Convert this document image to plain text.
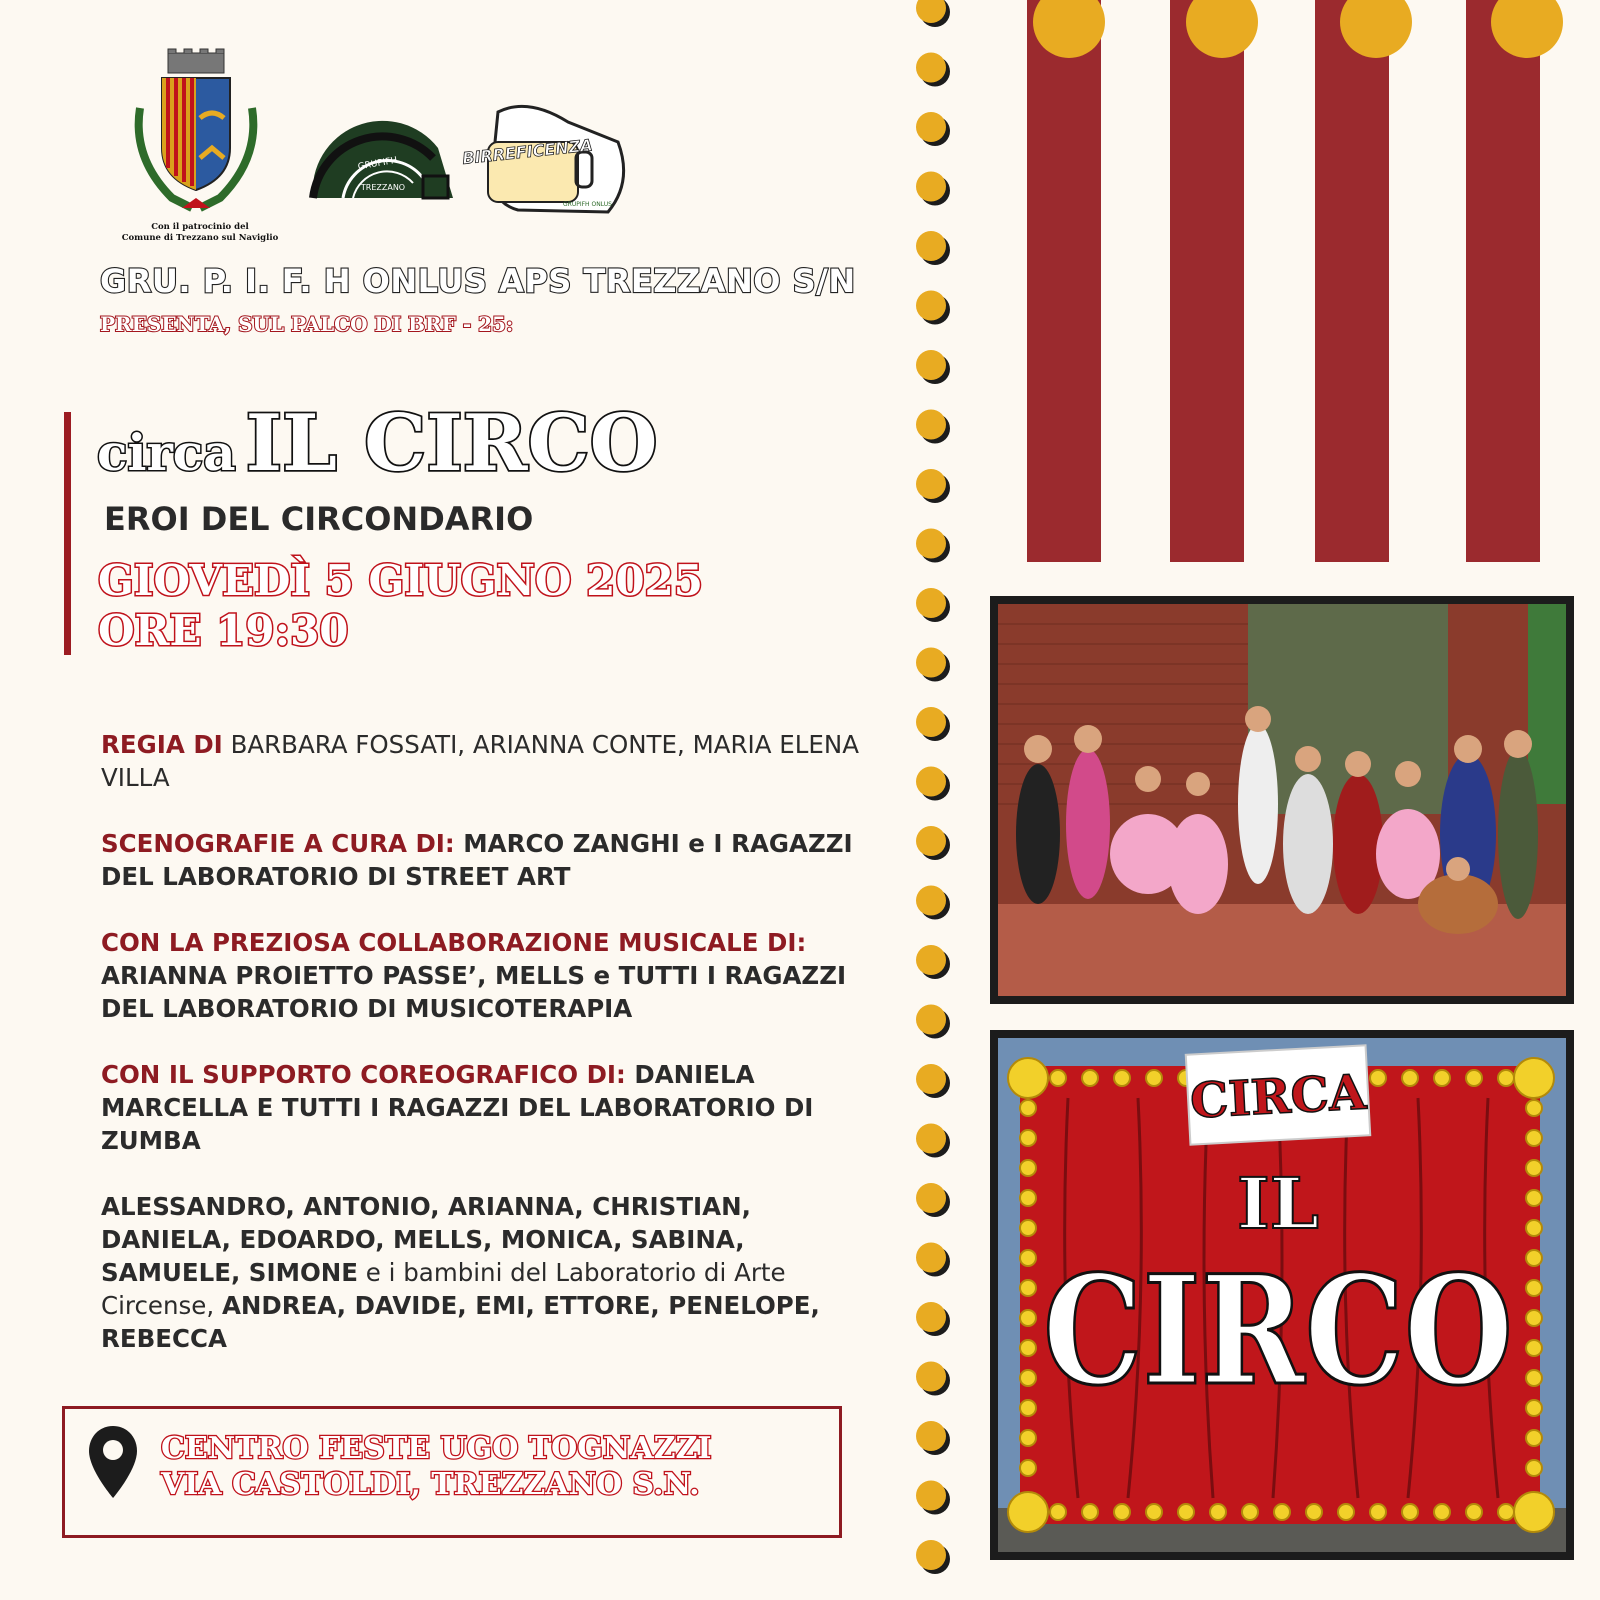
Con il patrocinio del
Comune di Trezzano sul Naviglio
GRUPIFH
TREZZANO
BIRREFICENZA
GRUPIFH ONLUS
GRU. P. I. F. H ONLUS APS TREZZANO S/N
PRESENTA, SUL PALCO DI BRF - 25:
circa IL CIRCO
EROI DEL CIRCONDARIO
GIOVEDÌ 5 GIUGNO 2025
ORE 19:30

REGIA DI BARBARA FOSSATI, ARIANNA CONTE, MARIA ELENA VILLA

SCENOGRAFIE A CURA DI: MARCO ZANGHI e I RAGAZZI DEL LABORATORIO DI STREET ART

CON LA PREZIOSA COLLABORAZIONE MUSICALE DI:
ARIANNA PROIETTO PASSE’, MELLS e TUTTI I RAGAZZI DEL LABORATORIO DI MUSICOTERAPIA

CON IL SUPPORTO COREOGRAFICO DI: DANIELA MARCELLA E TUTTI I RAGAZZI DEL LABORATORIO DI ZUMBA

ALESSANDRO, ANTONIO, ARIANNA, CHRISTIAN, DANIELA, EDOARDO, MELLS, MONICA, SABINA, SAMUELE, SIMONE e i bambini del Laboratorio di Arte Circense, ANDREA, DAVIDE, EMI, ETTORE, PENELOPE, REBECCA

CENTRO FESTE UGO TOGNAZZI
VIA CASTOLDI, TREZZANO S.N.
CIRCA
IL
CIRCO
